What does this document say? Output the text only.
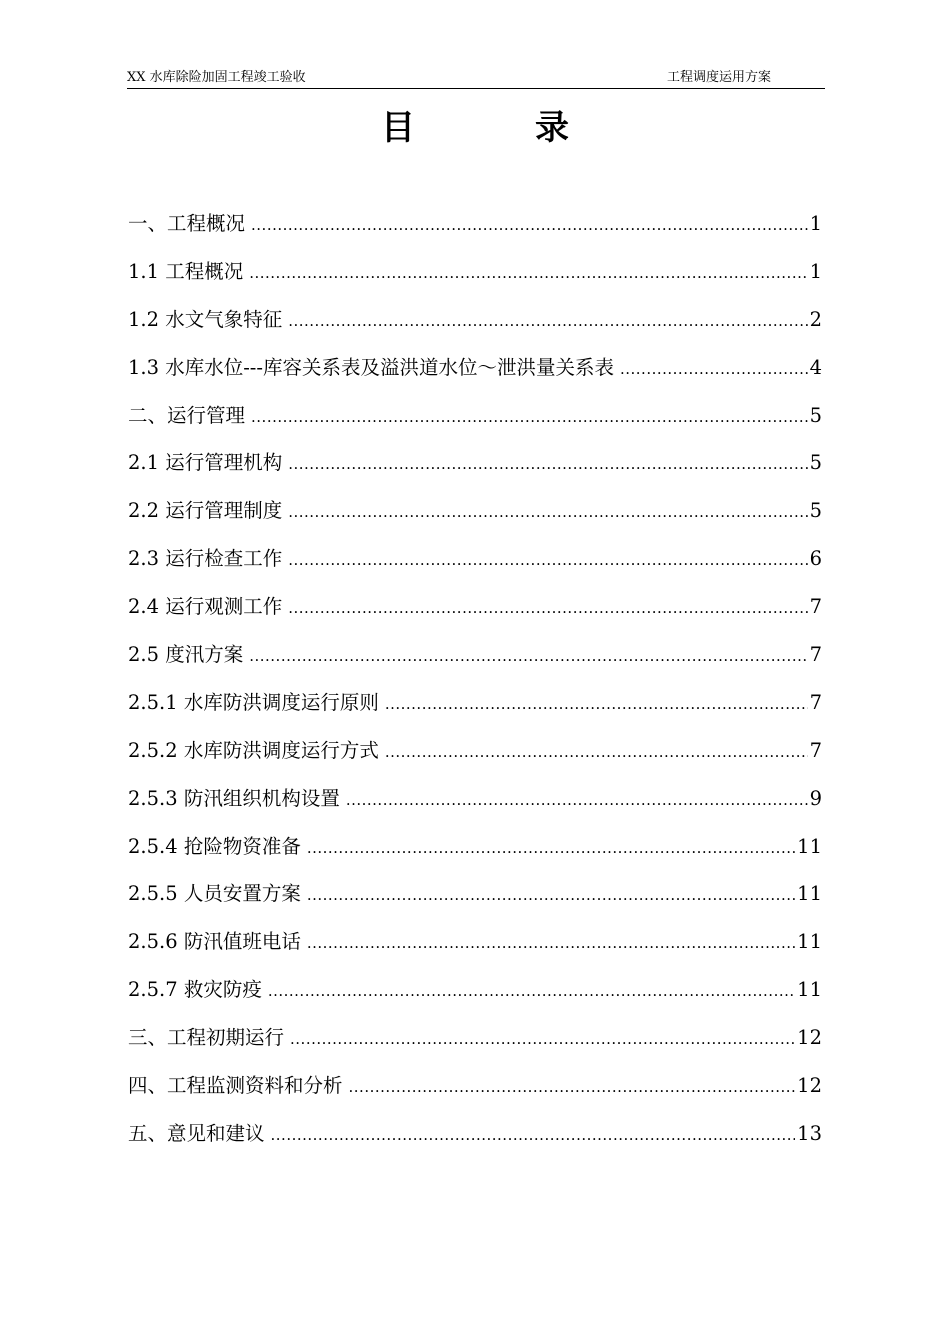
XX 水库除险加固工程竣工验收	工程调度运用方案
目	录
一、工程概况 .....	1
1.1 工程概况 .....	1
1.2 水文气象特征 .....	2
1.3 水库水位---库容关系表及溢洪道水位～泄洪量关系表 .....	4
二、运行管理 .....	5
2.1 运行管理机构 .....	5
2.2 运行管理制度 .....	5
2.3 运行检查工作 .....	6
2.4 运行观测工作 .....	7
2.5 度汛方案 .....	7
2.5.1 水库防洪调度运行原则 .....	7
2.5.2 水库防洪调度运行方式 .....	7
2.5.3 防汛组织机构设置 .....	9
2.5.4 抢险物资准备 .....	11
2.5.5 人员安置方案 .....	11
2.5.6 防汛值班电话 .....	11
2.5.7 救灾防疫 .....	11
三、工程初期运行 .....	12
四、工程监测资料和分析 .....	12
五、意见和建议 .....	13
